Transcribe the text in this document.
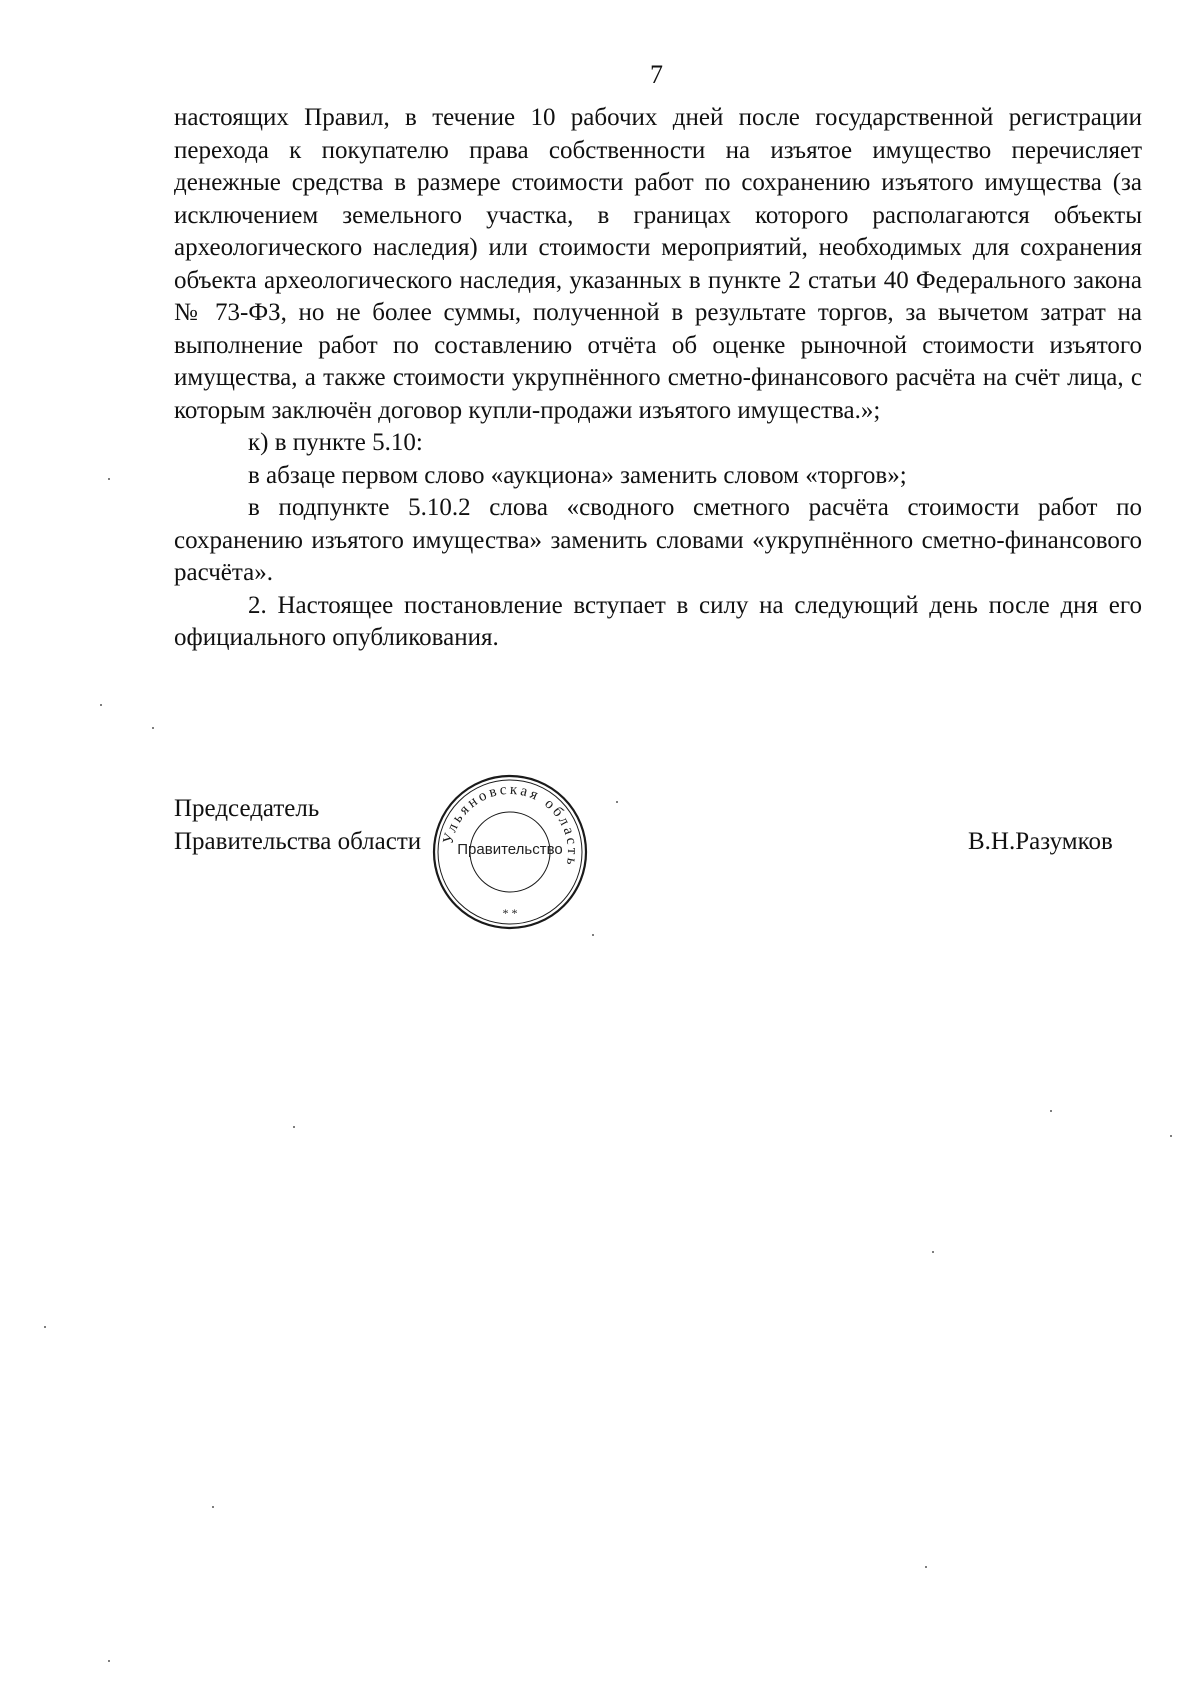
7

настоящих Правил, в течение 10 рабочих дней после государственной регистрации перехода к покупателю права собственности на изъятое имущество перечисляет денежные средства в размере стоимости работ по сохранению изъятого имущества (за исключением земельного участка, в границах которого располагаются объекты археологического наследия) или стоимости мероприятий, необходимых для сохранения объекта археологического наследия, указанных в пункте 2 статьи 40 Федерального закона № 73-ФЗ, но не более суммы, полученной в результате торгов, за вычетом затрат на выполнение работ по составлению отчёта об оценке рыночной стоимости изъятого имущества, а также стоимости укрупнённого сметно-финансового расчёта на счёт лица, с которым заключён договор купли-продажи изъятого имущества.»;

к) в пункте 5.10:

в абзаце первом слово «аукциона» заменить словом «торгов»;

в подпункте 5.10.2 слова «сводного сметного расчёта стоимости работ по сохранению изъятого имущества» заменить словами «укрупнённого сметно-финансового расчёта».

2. Настоящее постановление вступает в силу на следующий день после дня его официального опубликования.

Председатель
Правительства области Ульяновская область
* *
Правительство	В.Н.Разумков
